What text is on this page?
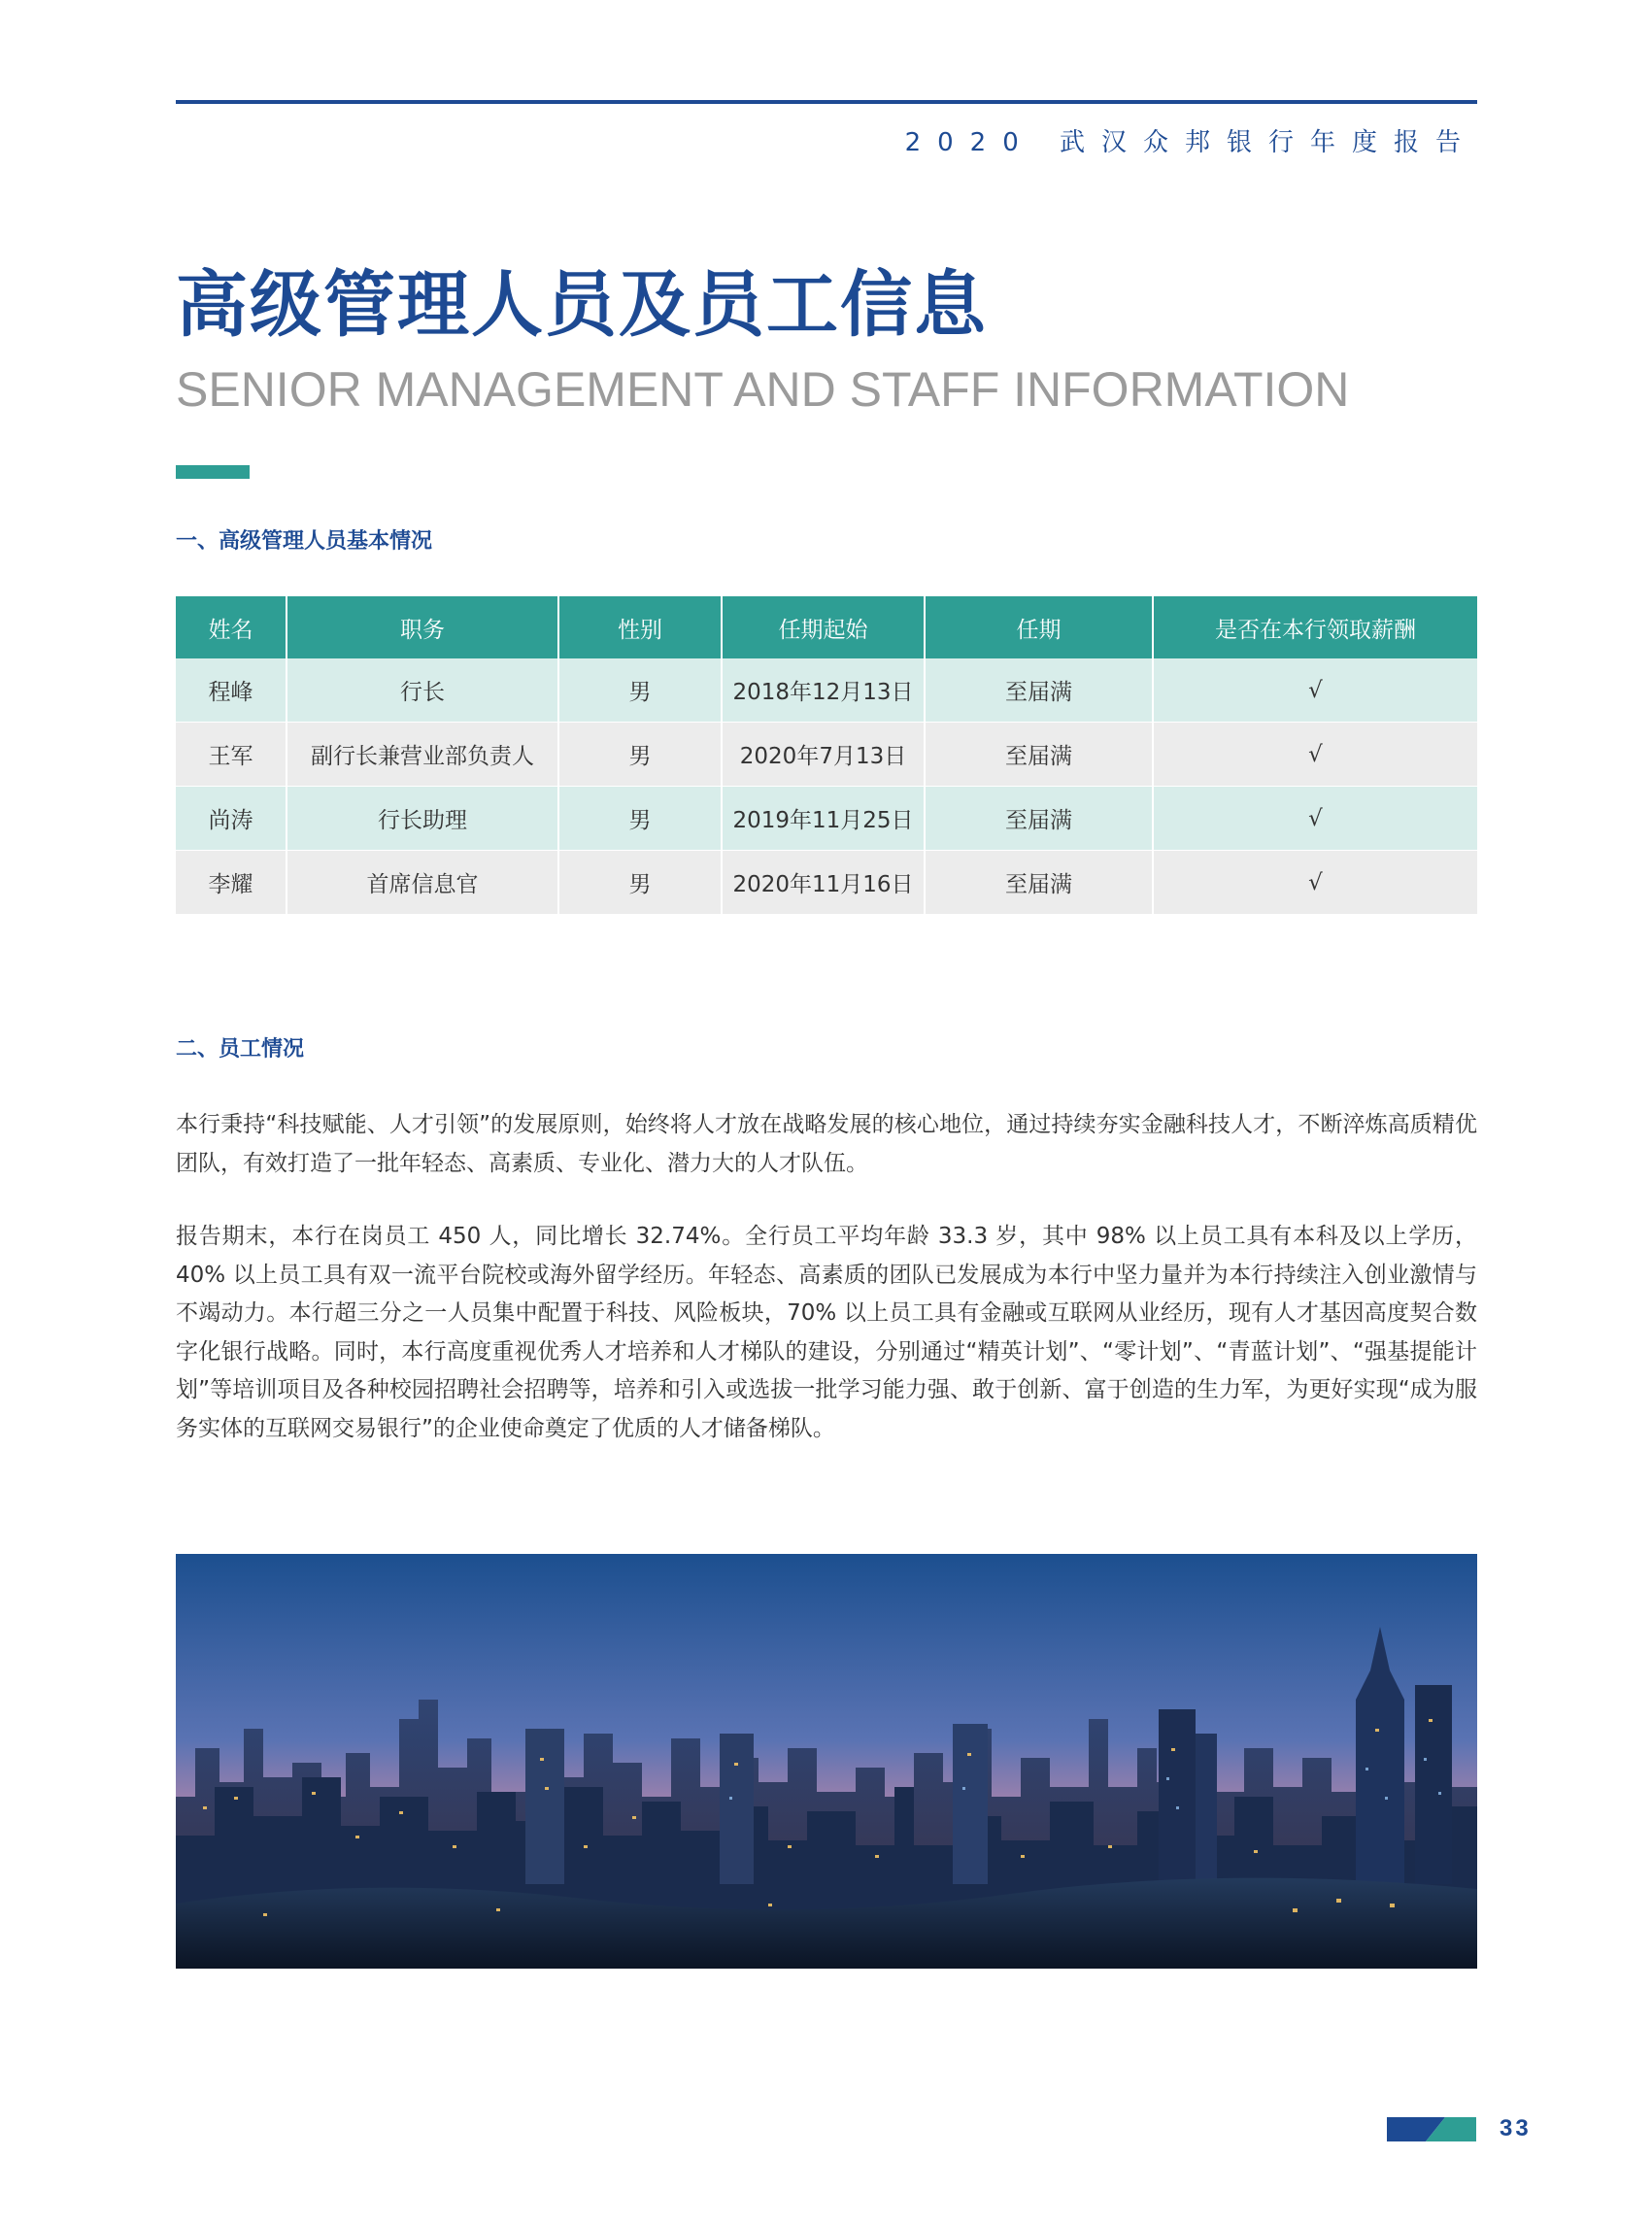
2020 武汉众邦银行年度报告
高级管理人员及员工信息
SENIOR MANAGEMENT AND STAFF INFORMATION
一、高级管理人员基本情况
姓名	职务	性别	任期起始	任期	是否在本行领取薪酬
程峰	行长	男	2018年12月13日	至届满	√
王军	副行长兼营业部负责人	男	2020年7月13日	至届满	√
尚涛	行长助理	男	2019年11月25日	至届满	√
李耀	首席信息官	男	2020年11月16日	至届满	√
二、员工情况

本行秉持“科技赋能、人才引领”的发展原则，始终将人才放在战略发展的核心地位，通过持续夯实金融科技人才，不断淬炼高质精优团队，有效打造了一批年轻态、高素质、专业化、潜力大的人才队伍。

报告期末，本行在岗员工 450 人，同比增长 32.74%。全行员工平均年龄 33.3 岁，其中 98% 以上员工具有本科及以上学历，40% 以上员工具有双一流平台院校或海外留学经历。年轻态、高素质的团队已发展成为本行中坚力量并为本行持续注入创业激情与不竭动力。本行超三分之一人员集中配置于科技、风险板块，70% 以上员工具有金融或互联网从业经历，现有人才基因高度契合数字化银行战略。同时，本行高度重视优秀人才培养和人才梯队的建设，分别通过“精英计划”、“零计划”、“青蓝计划”、“强基提能计划”等培训项目及各种校园招聘社会招聘等，培养和引入或选拔一批学习能力强、敢于创新、富于创造的生力军，为更好实现“成为服务实体的互联网交易银行”的企业使命奠定了优质的人才储备梯队。

33
